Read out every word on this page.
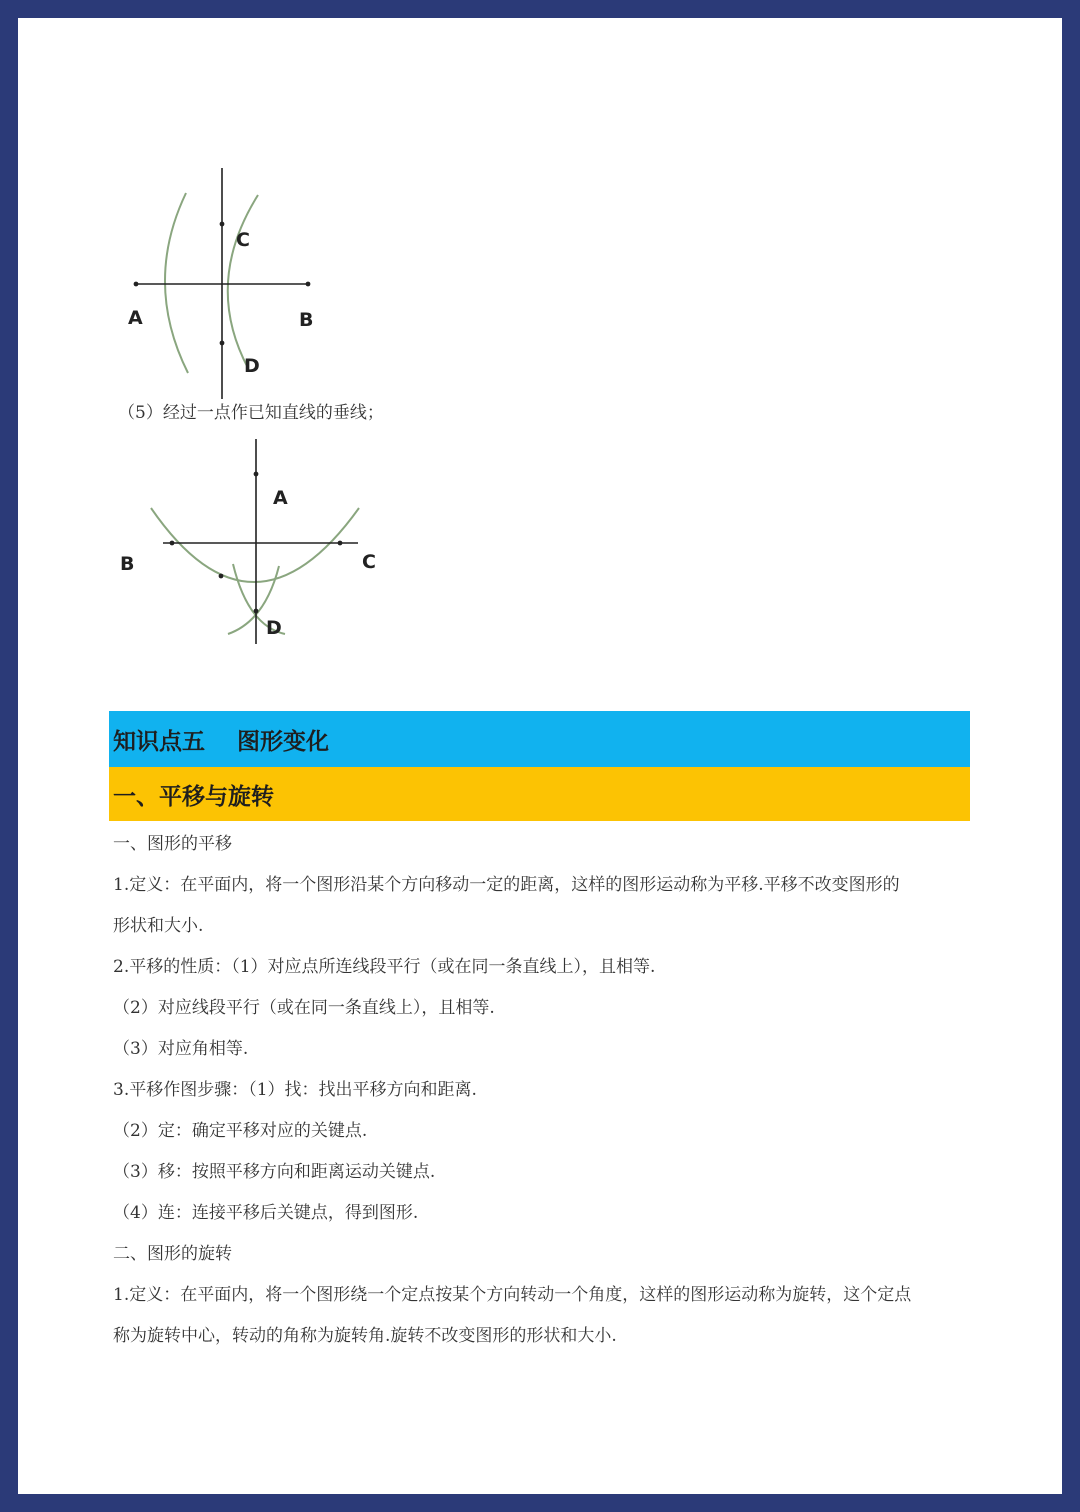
A	B
C
D
（5）经过一点作已知直线的垂线；
A
B	C
D
知识点五    图形变化
一、平移与旋转
一、图形的平移
1.定义：在平面内，将一个图形沿某个方向移动一定的距离，这样的图形运动称为平移.平移不改变图形的
形状和大小.
2.平移的性质：（1）对应点所连线段平行（或在同一条直线上），且相等.
（2）对应线段平行（或在同一条直线上），且相等.
（3）对应角相等.
3.平移作图步骤：（1）找：找出平移方向和距离.
（2）定：确定平移对应的关键点.
（3）移：按照平移方向和距离运动关键点.
（4）连：连接平移后关键点，得到图形.
二、图形的旋转
1.定义：在平面内，将一个图形绕一个定点按某个方向转动一个角度，这样的图形运动称为旋转，这个定点
称为旋转中心，转动的角称为旋转角.旋转不改变图形的形状和大小.
